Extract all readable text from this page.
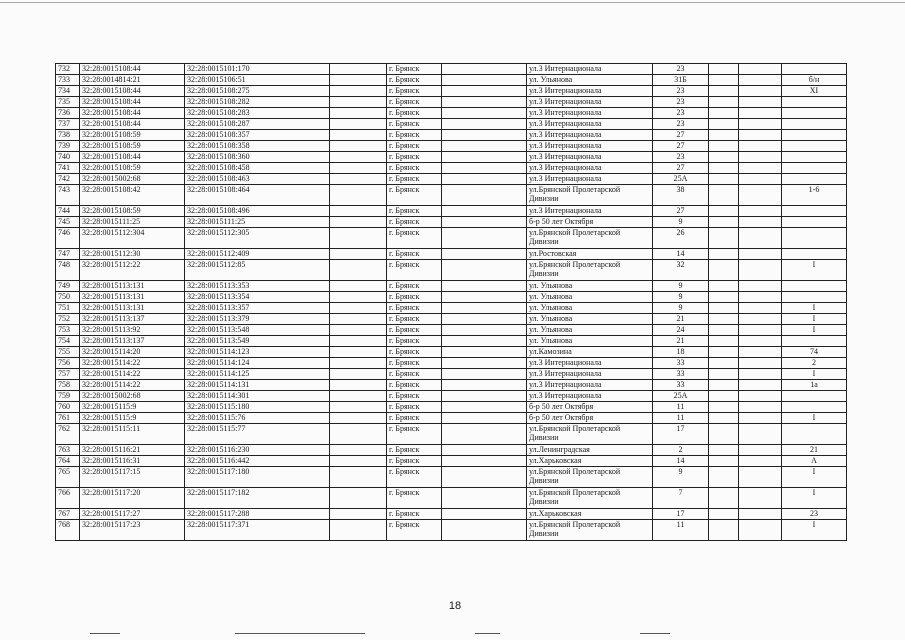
732	32:28:0015108:44	32:28:0015101:170		г. Брянск		ул.3 Интернационала	23			
733	32:28:0014814:21	32:28:0015106:51		г. Брянск		ул. Ульянова	31Б			б/н
734	32:28:0015108:44	32:28:0015108:275		г. Брянск		ул.3 Интернационала	23			XI
735	32:28:0015108:44	32:28:0015108:282		г. Брянск		ул.3 Интернационала	23			
736	32:28:0015108:44	32:28:0015108:283		г. Брянск		ул.3 Интернационала	23			
737	32:28:0015108:44	32:28:0015108:287		г. Брянск		ул.3 Интернационала	23			
738	32:28:0015108:59	32:28:0015108:357		г. Брянск		ул.3 Интернационала	27			
739	32:28:0015108:59	32:28:0015108:358		г. Брянск		ул.3 Интернационала	27			
740	32:28:0015108:44	32:28:0015108:360		г. Брянск		ул.3 Интернационала	23			
741	32:28:0015108:59	32:28:0015108:458		г. Брянск		ул.3 Интернационала	27			
742	32:28:0015002:68	32:28:0015108:463		г. Брянск		ул.3 Интернационала	25А			
743	32:28:0015108:42	32:28:0015108:464		г. Брянск		ул.Брянской Пролетарской Дивизии	38			1-6
744	32:28:0015108:59	32:28:0015108:496		г. Брянск		ул.3 Интернационала	27			
745	32:28:0015111:25	32:28:0015111:25		г. Брянск		б-р 50 лет Октября	9			
746	32:28:0015112:304	32:28:0015112:305		г. Брянск		ул.Брянской Пролетарской Дивизии	26			
747	32:28:0015112:30	32:28:0015112:409		г. Брянск		ул.Ростовская	14			
748	32:28:0015112:22	32:28:0015112:85		г. Брянск		ул.Брянской Пролетарской Дивизии	32			I
749	32:28:0015113:131	32:28:0015113:353		г. Брянск		ул. Ульянова	9			
750	32:28:0015113:131	32:28:0015113:354		г. Брянск		ул. Ульянова	9			
751	32:28:0015113:131	32:28:0015113:357		г. Брянск		ул. Ульянова	9			I
752	32:28:0015113:137	32:28:0015113:379		г. Брянск		ул. Ульянова	21			I
753	32:28:0015113:92	32:28:0015113:548		г. Брянск		ул. Ульянова	24			I
754	32:28:0015113:137	32:28:0015113:549		г. Брянск		ул. Ульянова	21			
755	32:28:0015114:20	32:28:0015114:123		г. Брянск		ул.Камозина	18			74
756	32:28:0015114:22	32:28:0015114:124		г. Брянск		ул.3 Интернационала	33			2
757	32:28:0015114:22	32:28:0015114:125		г. Брянск		ул.3 Интернационала	33			I
758	32:28:0015114:22	32:28:0015114:131		г. Брянск		ул.3 Интернационала	33			1а
759	32:28:0015002:68	32:28:0015114:301		г. Брянск		ул.3 Интернационала	25А			
760	32:28:0015115:9	32:28:0015115:180		г. Брянск		б-р 50 лет Октября	11			
761	32:28:0015115:9	32:28:0015115:76		г. Брянск		б-р 50 лет Октября	11			I
762	32:28:0015115:11	32:28:0015115:77		г. Брянск		ул.Брянской Пролетарской Дивизии	17			
763	32:28:0015116:21	32:28:0015116:230		г. Брянск		ул.Ленинградская	2			21
764	32:28:0015116:31	32:28:0015116:442		г. Брянск		ул.Харьковская	14			А
765	32:28:0015117:15	32:28:0015117:180		г. Брянск		ул.Брянской Пролетарской Дивизии	9			I
766	32:28:0015117:20	32:28:0015117:182		г. Брянск		ул.Брянской Пролетарской Дивизии	7			I
767	32:28:0015117:27	32:28:0015117:288		г. Брянск		ул.Харьковская	17			23
768	32:28:0015117:23	32:28:0015117:371		г. Брянск		ул.Брянской Пролетарской Дивизии	11			I
18
